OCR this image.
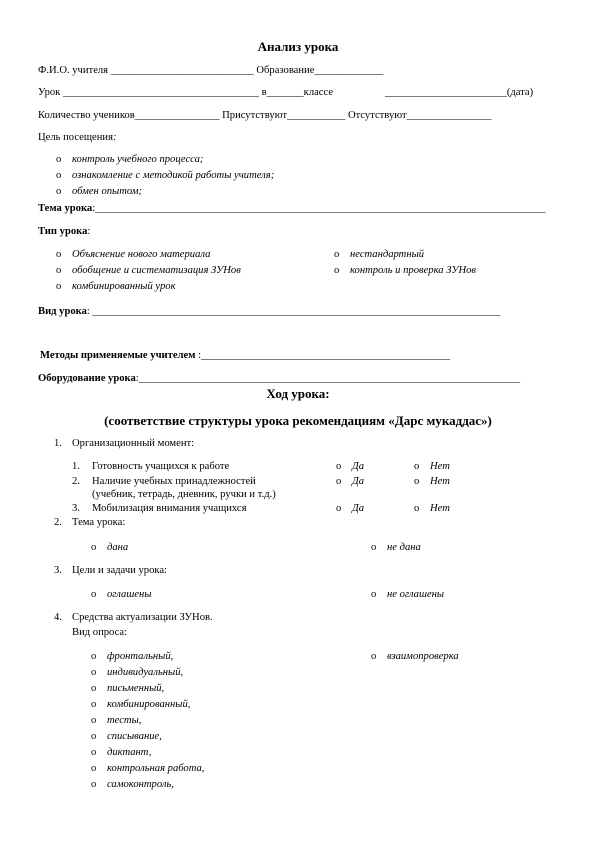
Анализ урока
Ф.И.О. учителя ___________________________ Образование_____________
Урок _____________________________________ в_______классе	_______________________(дата)
Количество учеников________________ Присутствуют___________ Отсутствуют________________
Цель посещения:
o контроль учебного процесса;
o ознакомление с методикой работы учителя;
o обмен опытом;
Тема урока:_____________________________________________________________________________________
Тип урока:
o Объяснение нового материала
o обобщение и систематизация ЗУНов
o комбинированный урок
o нестандартный
o контроль и проверка ЗУНов
Вид урока: _____________________________________________________________________________
Методы применяемые учителем :_______________________________________________
Оборудование урока:________________________________________________________________________
Ход урока:
(соответствие структуры урока рекомендациям «Дарс мукаддас»)
1. Организационный момент:
1. Готовность учащихся к работе	o Да	o Нет
2. Наличие учебных принадлежностей
(учебник, тетрадь, дневник, ручки и т.д.)
o Да	o Нет
3. Мобилизация внимания учащихся	o Да	o Нет
2. Тема урока:
o дана	o не дана
3. Цели и задачи урока:
o оглашены	o не оглашены
4. Средства актуализации ЗУНов.
Вид опроса:
o фронтальный,
o индивидуальный,
o письменный,
o комбинированный,
o тесты,
o списывание,
o диктант,
o контрольная работа,
o самоконтроль,
o взаимопроверка
